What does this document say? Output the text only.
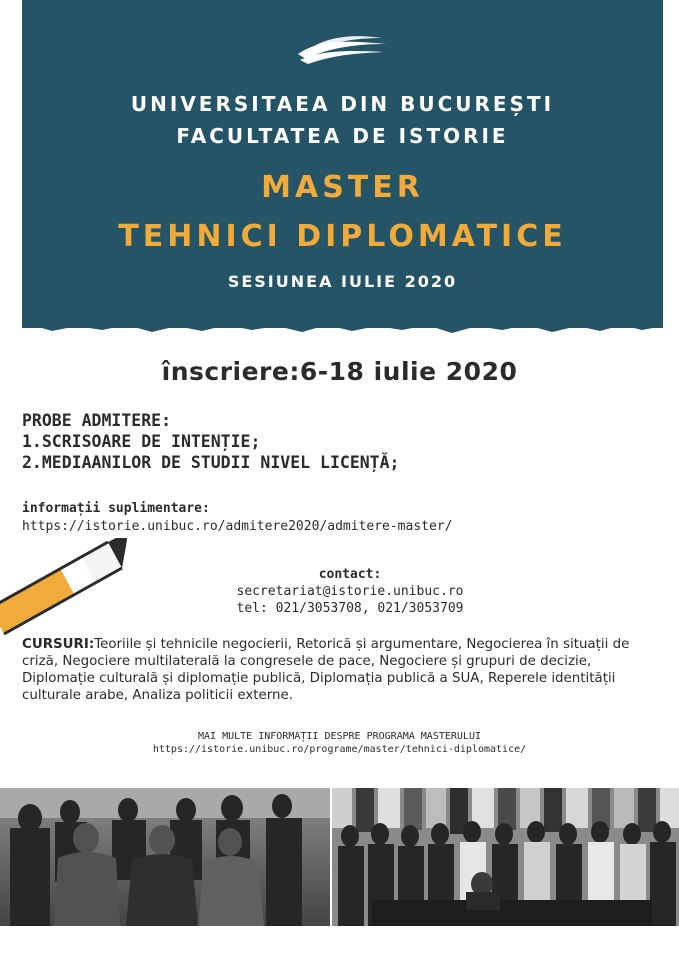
UNIVERSITAEA DIN BUCUREȘTI
FACULTATEA DE ISTORIE
MASTER
TEHNICI DIPLOMATICE
SESIUNEA IULIE 2020
înscriere:6-18 iulie 2020
PROBE ADMITERE:
1.SCRISOARE DE INTENȚIE;
2.MEDIAANILOR DE STUDII NIVEL LICENȚĂ;
informații suplimentare:
https://istorie.unibuc.ro/admitere2020/admitere-master/
contact:
secretariat@istorie.unibuc.ro
tel: 021/3053708, 021/3053709
CURSURI:Teoriile și tehnicile negocierii, Retorică și argumentare, Negocierea în situații de criză, Negociere multilaterală la congresele de pace, Negociere și grupuri de decizie, Diplomație culturală și diplomație publică, Diplomația publică a SUA, Reperele identității culturale arabe, Analiza politicii externe.
MAI MULTE INFORMAȚII DESPRE PROGRAMA MASTERULUI
https://istorie.unibuc.ro/programe/master/tehnici-diplomatice/
